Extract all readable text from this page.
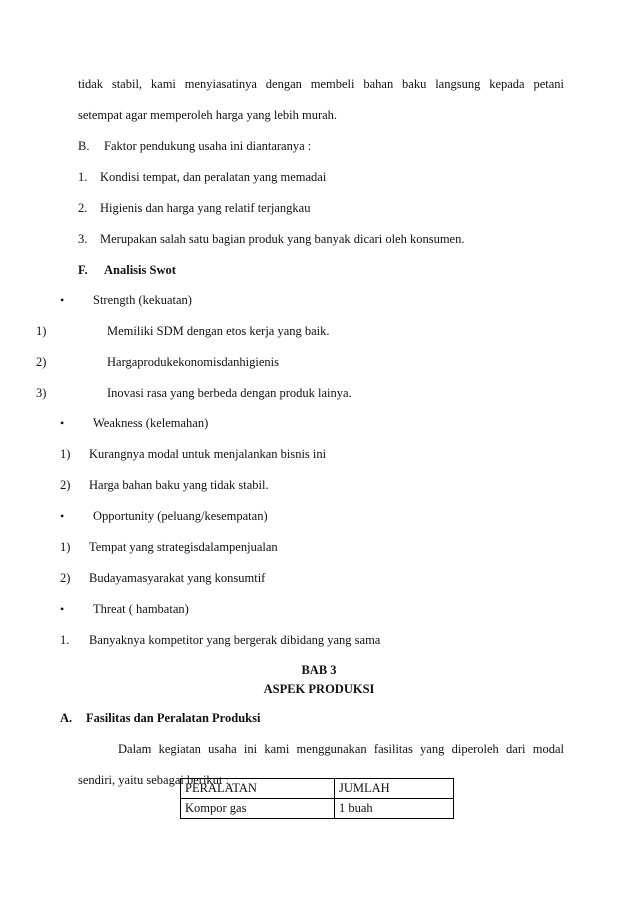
tidak stabil, kami menyiasatinya dengan membeli bahan baku langsung kepada petani
setempat agar memperoleh harga yang lebih murah.
B. Faktor pendukung usaha ini diantaranya :
1. Kondisi tempat, dan peralatan yang memadai
2. Higienis dan harga yang relatif terjangkau
3. Merupakan salah satu bagian produk yang banyak dicari oleh konsumen.
F. Analisis Swot
• Strength (kekuatan)
1)	Memiliki SDM dengan etos kerja yang baik.
2)	Hargaprodukekonomisdanhigienis
3)	Inovasi rasa yang berbeda dengan produk lainya.
• Weakness (kelemahan)
1) Kurangnya modal untuk menjalankan bisnis ini
2) Harga bahan baku yang tidak stabil.
• Opportunity (peluang/kesempatan)
1) Tempat yang strategisdalampenjualan
2) Budayamasyarakat yang konsumtif
• Threat ( hambatan)
1. Banyaknya kompetitor yang bergerak dibidang yang sama
BAB 3
ASPEK PRODUKSI
A. Fasilitas dan Peralatan Produksi
Dalam kegiatan usaha ini kami menggunakan fasilitas yang diperoleh dari modal
sendiri, yaitu sebagai berikut :
PERALATAN	JUMLAH
Kompor gas	1 buah
